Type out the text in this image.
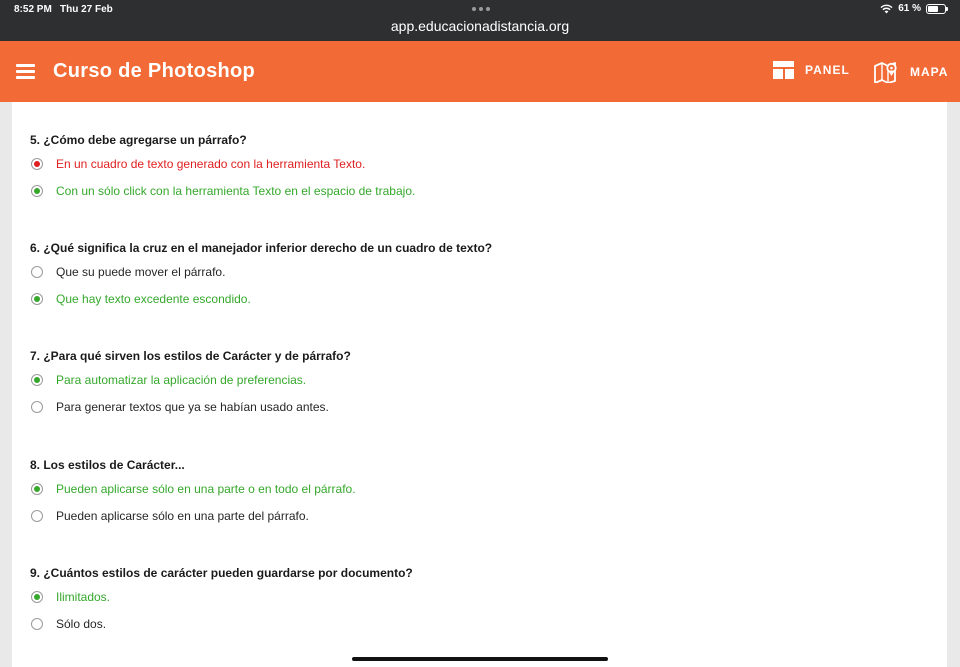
8:52 PM Thu 27 Feb
app.educacionadistancia.org
61 %
Curso de Photoshop	PANEL	MAPA
5. ¿Cómo debe agregarse un párrafo?
En un cuadro de texto generado con la herramienta Texto.
Con un sólo click con la herramienta Texto en el espacio de trabajo.
6. ¿Qué significa la cruz en el manejador inferior derecho de un cuadro de texto?
Que su puede mover el párrafo.
Que hay texto excedente escondido.
7. ¿Para qué sirven los estilos de Carácter y de párrafo?
Para automatizar la aplicación de preferencias.
Para generar textos que ya se habían usado antes.
8. Los estilos de Carácter...
Pueden aplicarse sólo en una parte o en todo el párrafo.
Pueden aplicarse sólo en una parte del párrafo.
9. ¿Cuántos estilos de carácter pueden guardarse por documento?
Ilimitados.
Sólo dos.
